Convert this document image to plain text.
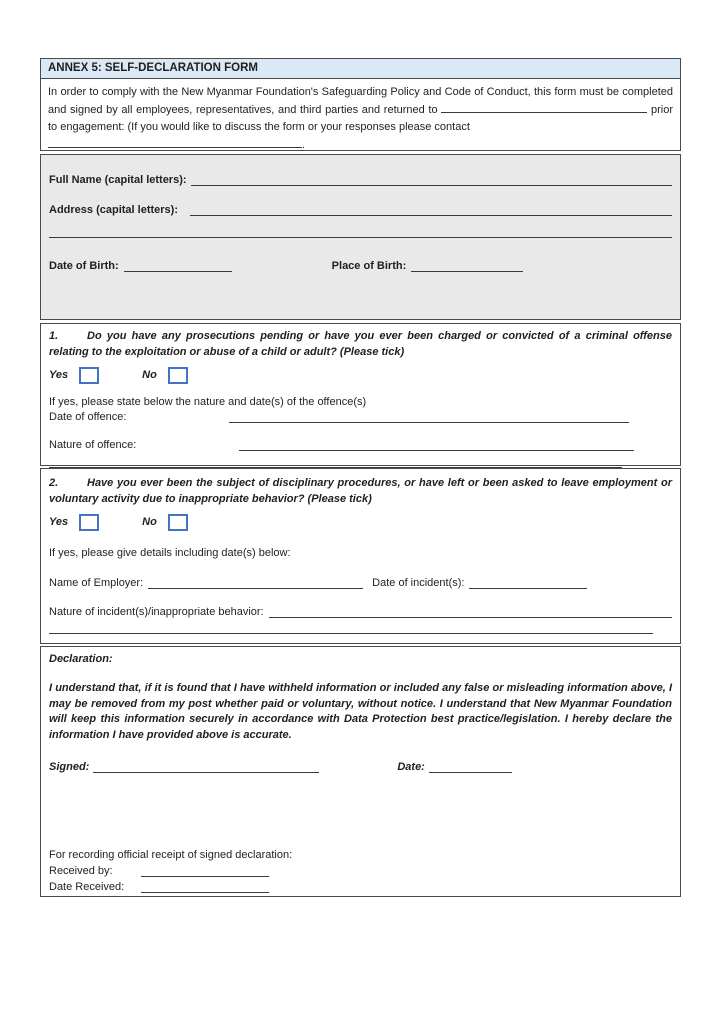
ANNEX 5: SELF-DECLARATION FORM

In order to comply with the New Myanmar Foundation's Safeguarding Policy and Code of Conduct, this form must be completed and signed by all employees, representatives, and third parties and returned to	prior to engagement: (If you would like to discuss the form or your responses please contact
.

Full Name (capital letters):
Address (capital letters):
Date of Birth:	Place of Birth:

1.	Do you have any prosecutions pending or have you ever been charged or convicted of a criminal offense relating to the exploitation or abuse of a child or adult? (Please tick)

Yes	No

If yes, please state below the nature and date(s) of the offence(s)

Date of offence:
Nature of offence:

2.	Have you ever been the subject of disciplinary procedures, or have left or been asked to leave employment or voluntary activity due to inappropriate behavior? (Please tick)

Yes	No

If yes, please give details including date(s) below:

Name of Employer:	Date of incident(s):
Nature of incident(s)/inappropriate behavior:

Declaration:

I understand that, if it is found that I have withheld information or included any false or misleading information above, I may be removed from my post whether paid or voluntary, without notice. I understand that New Myanmar Foundation will keep this information securely in accordance with Data Protection best practice/legislation. I hereby declare the information I have provided above is accurate.

Signed:	Date:

For recording official receipt of signed declaration:

Received by:
Date Received:
